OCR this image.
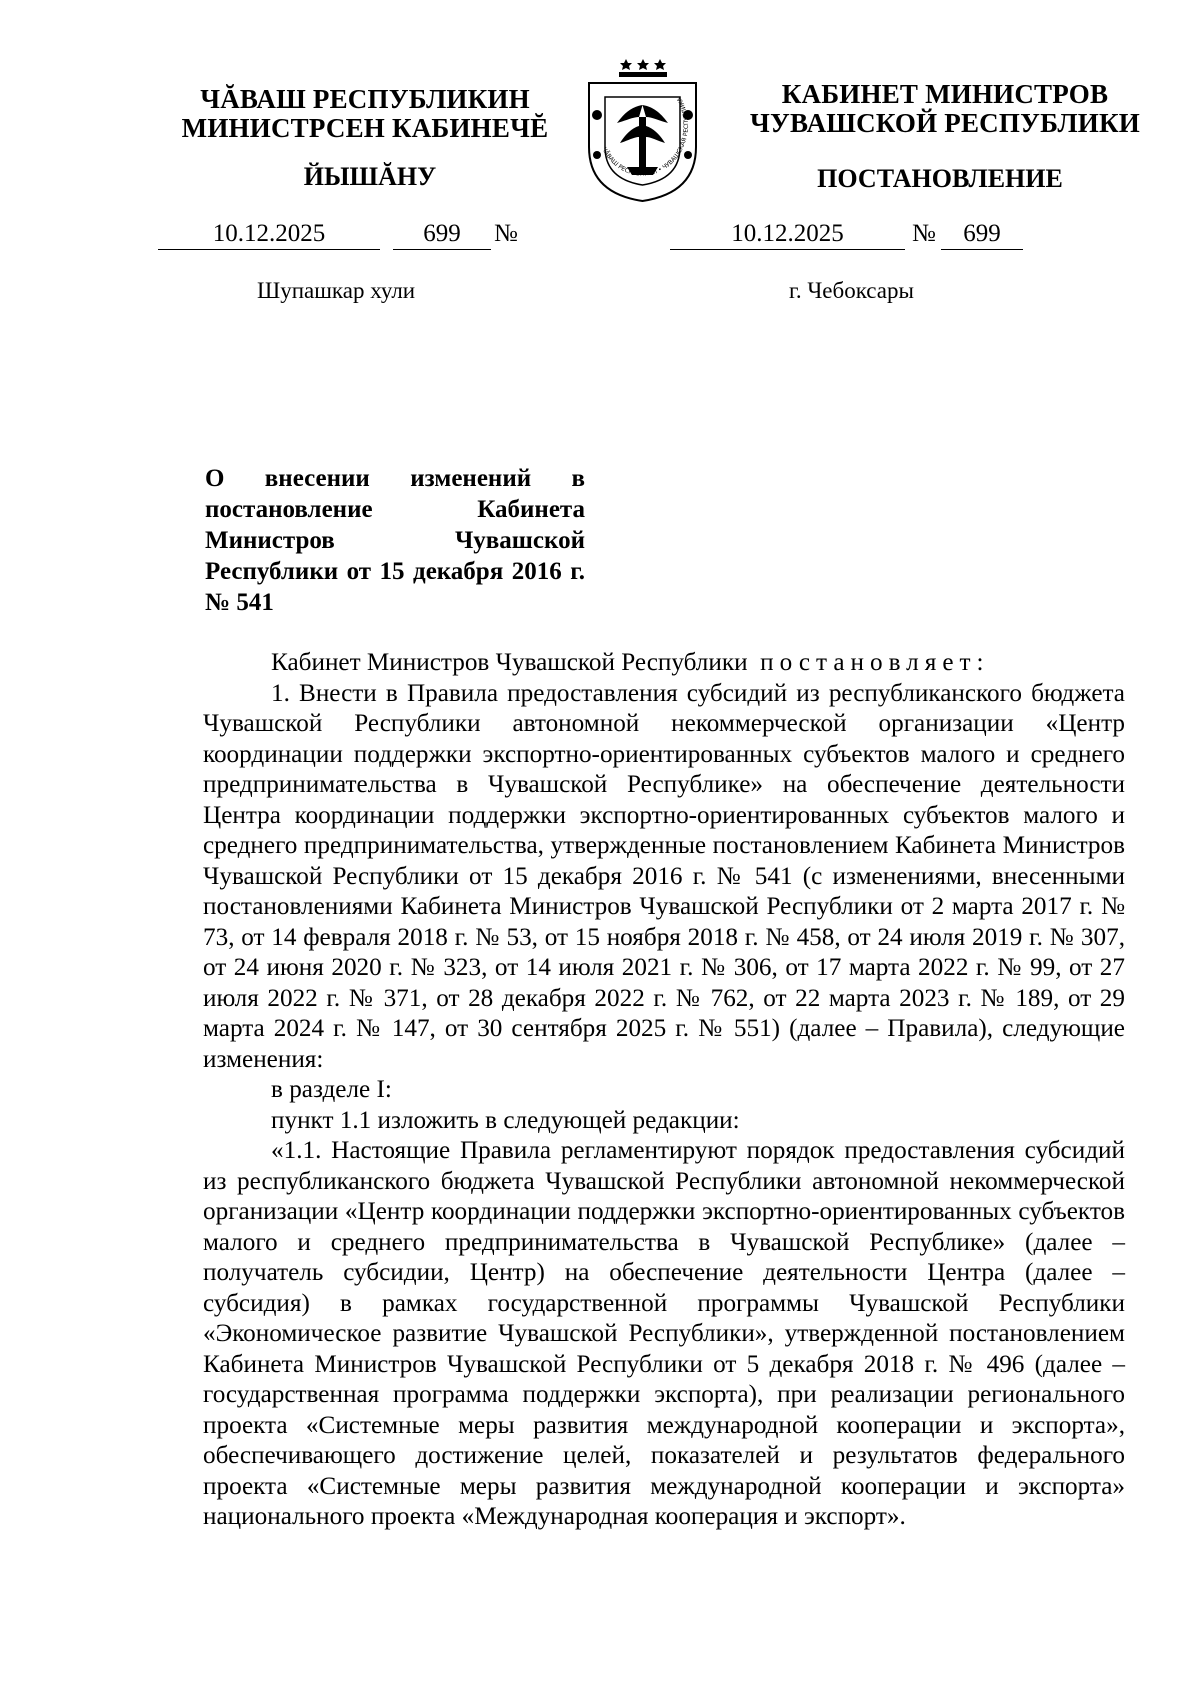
ЧĂВАШ РЕСПУБЛИКИН
МИНИСТРСЕН КАБИНЕЧĔ
ЙЫШĂНУ
КАБИНЕТ МИНИСТРОВ
ЧУВАШСКОЙ РЕСПУБЛИКИ
ПОСТАНОВЛЕНИЕ
ЧĂВАШ РЕСПУБЛИКИ • ЧУВАШСКАЯ РЕСПУБЛИКА
10.12.2025	699	№	10.12.2025	№	699
Шупашкар хули	г. Чебоксары
О внесении изменений в постановление Кабинета Министров Чувашской Республики от 15 декабря 2016 г. № 541

Кабинет Министров Чувашской Республики постановляет:

1. Внести в Правила предоставления субсидий из республиканского бюджета Чувашской Республики автономной некоммерческой организации «Центр координации поддержки экспортно-ориентированных субъектов малого и среднего предпринимательства в Чувашской Республике» на обеспечение деятельности Центра координации поддержки экспортно-ориентированных субъектов малого и среднего предпринимательства, утвержденные постановлением Кабинета Министров Чувашской Республики от 15 декабря 2016 г. № 541 (с изменениями, внесенными постановлениями Кабинета Министров Чувашской Республики от 2 марта 2017 г. № 73, от 14 февраля 2018 г. № 53, от 15 ноября 2018 г. № 458, от 24 июля 2019 г. № 307, от 24 июня 2020 г. № 323, от 14 июля 2021 г. № 306, от 17 марта 2022 г. № 99, от 27 июля 2022 г. № 371, от 28 декабря 2022 г. № 762, от 22 марта 2023 г. № 189, от 29 марта 2024 г. № 147, от 30 сентября 2025 г. № 551) (далее – Правила), следующие изменения:

в разделе I:

пункт 1.1 изложить в следующей редакции:

«1.1. Настоящие Правила регламентируют порядок предоставления субсидий из республиканского бюджета Чувашской Республики автономной некоммерческой организации «Центр координации поддержки экспортно-ориентированных субъектов малого и среднего предпринимательства в Чувашской Республике» (далее – получатель субсидии, Центр) на обеспечение деятельности Центра (далее – субсидия) в рамках государственной программы Чувашской Республики «Экономическое развитие Чувашской Республики», утвержденной постановлением Кабинета Министров Чувашской Республики от 5 декабря 2018 г. № 496 (далее – государственная программа поддержки экспорта), при реализации регионального проекта «Системные меры развития международной кооперации и экспорта», обеспечивающего достижение целей, показателей и результатов федерального проекта «Системные меры развития международной кооперации и экспорта» национального проекта «Международная кооперация и экспорт».
